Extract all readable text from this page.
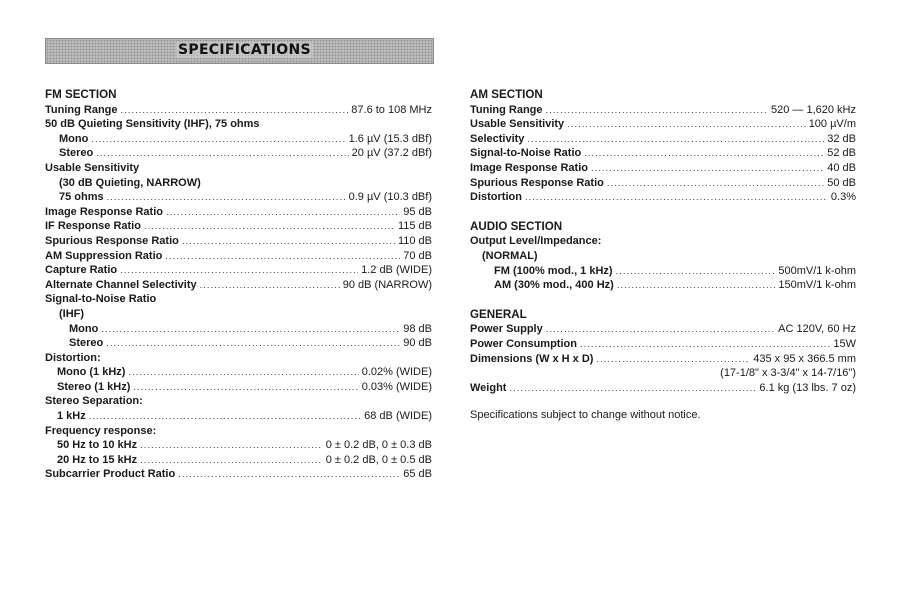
SPECIFICATIONS
FM SECTION
Tuning Range .....	87.6 to 108 MHz
50 dB Quieting Sensitivity (IHF), 75 ohms
Mono .....	1.6 µV (15.3 dBf)
Stereo .....	20 µV (37.2 dBf)
Usable Sensitivity
(30 dB Quieting, NARROW)
75 ohms .....	0.9 µV (10.3 dBf)
Image Response Ratio .....	95 dB
IF Response Ratio .....	115 dB
Spurious Response Ratio .....	110 dB
AM Suppression Ratio .....	70 dB
Capture Ratio .....	1.2 dB (WIDE)
Alternate Channel Selectivity .....	90 dB (NARROW)
Signal-to-Noise Ratio
(IHF)
Mono .....	98 dB
Stereo .....	90 dB
Distortion:
Mono (1 kHz) .....	0.02% (WIDE)
Stereo (1 kHz) .....	0.03% (WIDE)
Stereo Separation:
1 kHz .....	68 dB (WIDE)
Frequency response:
50 Hz to 10 kHz .....	0 ± 0.2 dB, 0 ± 0.3 dB
20 Hz to 15 kHz .....	0 ± 0.2 dB, 0 ± 0.5 dB
Subcarrier Product Ratio .....	65 dB
AM SECTION
Tuning Range .....	520 — 1,620 kHz
Usable Sensitivity .....	100 µV/m
Selectivity .....	32 dB
Signal-to-Noise Ratio .....	52 dB
Image Response Ratio .....	40 dB
Spurious Response Ratio .....	50 dB
Distortion .....	0.3%
AUDIO SECTION
Output Level/Impedance:
(NORMAL)
FM (100% mod., 1 kHz) .....	500mV/1 k-ohm
AM (30% mod., 400 Hz) .....	150mV/1 k-ohm
GENERAL
Power Supply .....	AC 120V, 60 Hz
Power Consumption .....	15W
Dimensions (W x H x D) .....	435 x 95 x 366.5 mm
(17-1/8" x 3-3/4" x 14-7/16")
Weight .....	6.1 kg (13 lbs. 7 oz)
Specifications subject to change without notice.
